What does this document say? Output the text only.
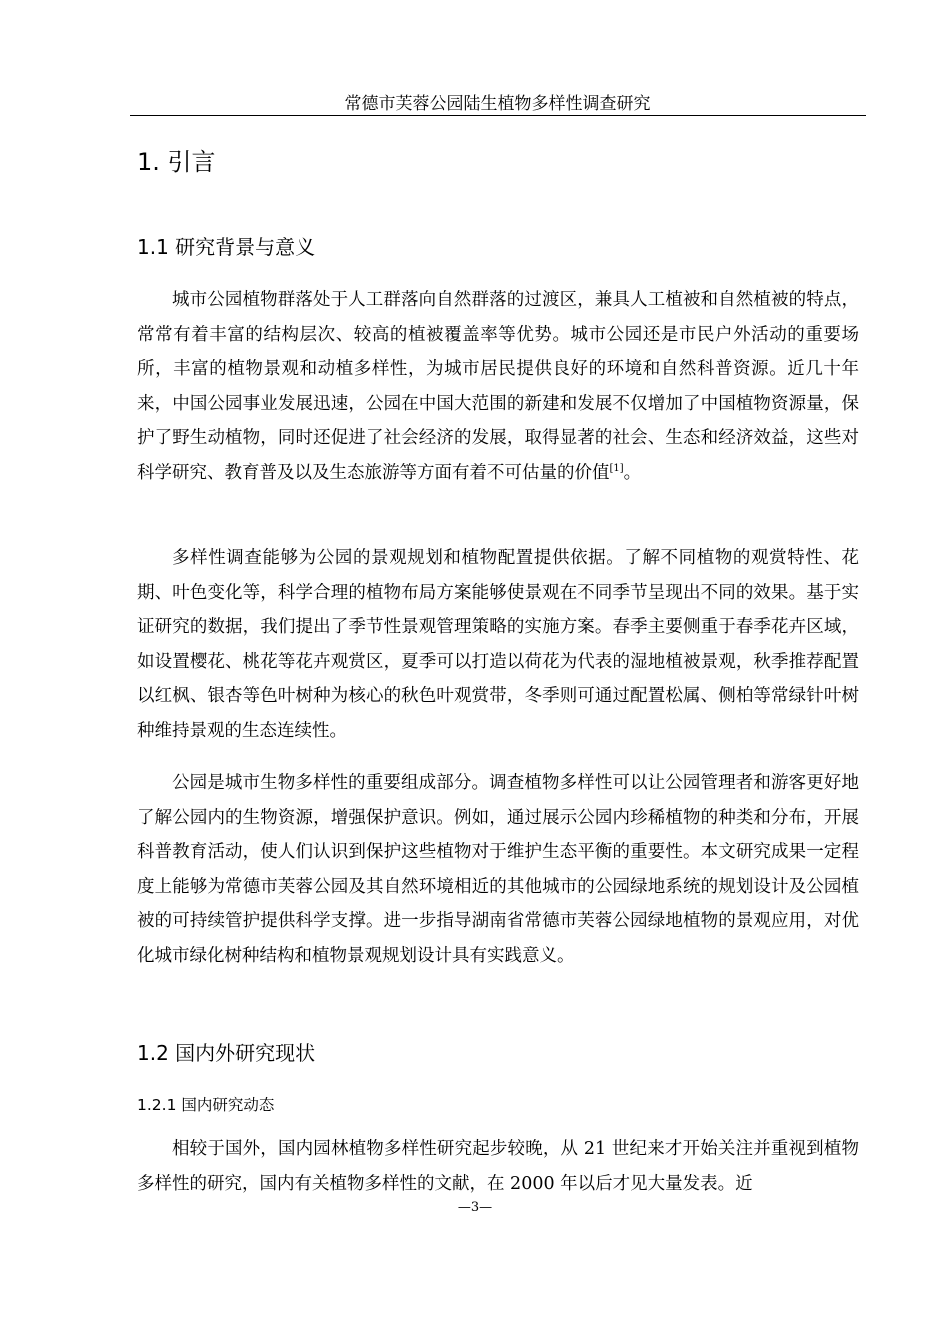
常德市芙蓉公园陆生植物多样性调查研究
1. 引言
1.1 研究背景与意义

城市公园植物群落处于人工群落向自然群落的过渡区，兼具人工植被和自然植被的特点，常常有着丰富的结构层次、较高的植被覆盖率等优势。城市公园还是市民户外活动的重要场所，丰富的植物景观和动植多样性，为城市居民提供良好的环境和自然科普资源。近几十年来，中国公园事业发展迅速，公园在中国大范围的新建和发展不仅增加了中国植物资源量，保护了野生动植物，同时还促进了社会经济的发展，取得显著的社会、生态和经济效益，这些对科学研究、教育普及以及生态旅游等方面有着不可估量的价值[1]。

多样性调查能够为公园的景观规划和植物配置提供依据。了解不同植物的观赏特性、花期、叶色变化等，科学合理的植物布局方案能够使景观在不同季节呈现出不同的效果。基于实证研究的数据，我们提出了季节性景观管理策略的实施方案。春季主要侧重于春季花卉区域，如设置樱花、桃花等花卉观赏区，夏季可以打造以荷花为代表的湿地植被景观，秋季推荐配置以红枫、银杏等色叶树种为核心的秋色叶观赏带，冬季则可通过配置松属、侧柏等常绿针叶树种维持景观的生态连续性。

公园是城市生物多样性的重要组成部分。调查植物多样性可以让公园管理者和游客更好地了解公园内的生物资源，增强保护意识。例如，通过展示公园内珍稀植物的种类和分布，开展科普教育活动，使人们认识到保护这些植物对于维护生态平衡的重要性。本文研究成果一定程度上能够为常德市芙蓉公园及其自然环境相近的其他城市的公园绿地系统的规划设计及公园植被的可持续管护提供科学支撑。进一步指导湖南省常德市芙蓉公园绿地植物的景观应用，对优化城市绿化树种结构和植物景观规划设计具有实践意义。

1.2 国内外研究现状
1.2.1 国内研究动态

相较于国外，国内园林植物多样性研究起步较晚，从 21 世纪来才开始关注并重视到植物多样性的研究，国内有关植物多样性的文献，在 2000 年以后才见大量发表。近

—3—
